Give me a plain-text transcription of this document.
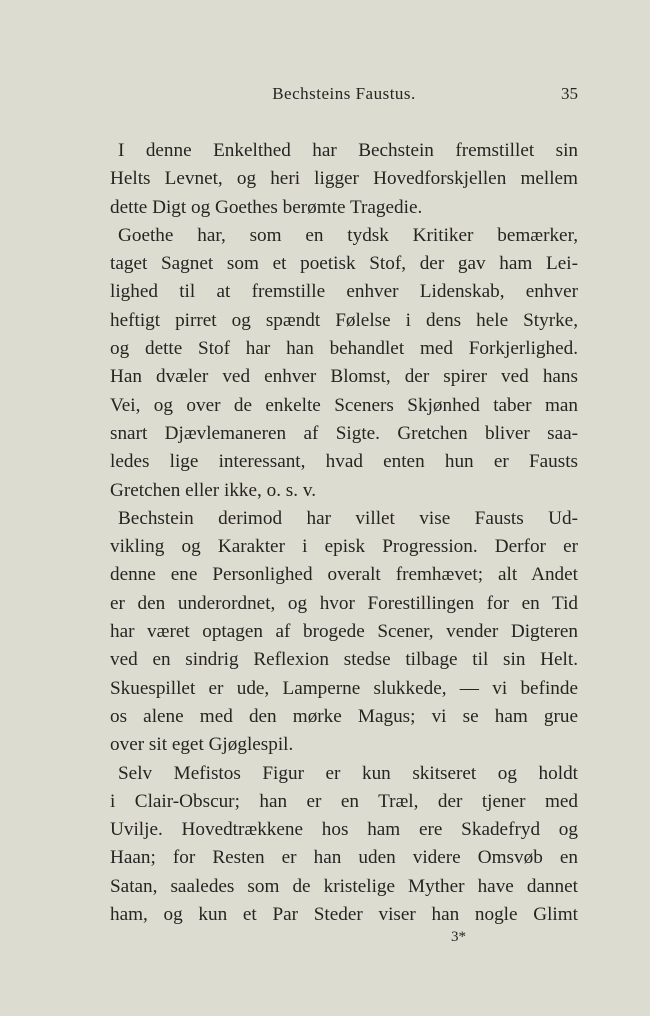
Bechsteins Faustus.	35
I denne Enkelthed har Bechstein fremstillet sin
Helts Levnet, og heri ligger Hovedforskjellen mellem
dette Digt og Goethes berømte Tragedie.
Goethe har, som en tydsk Kritiker bemærker,
taget Sagnet som et poetisk Stof, der gav ham Lei-
lighed til at fremstille enhver Lidenskab, enhver
heftigt pirret og spændt Følelse i dens hele Styrke,
og dette Stof har han behandlet med Forkjerlighed.
Han dvæler ved enhver Blomst, der spirer ved hans
Vei, og over de enkelte Sceners Skjønhed taber man
snart Djævlemaneren af Sigte. Gretchen bliver saa-
ledes lige interessant, hvad enten hun er Fausts
Gretchen eller ikke, o. s. v.
Bechstein derimod har villet vise Fausts Ud-
vikling og Karakter i episk Progression. Derfor er
denne ene Personlighed overalt fremhævet; alt Andet
er den underordnet, og hvor Forestillingen for en Tid
har været optagen af brogede Scener, vender Digteren
ved en sindrig Reflexion stedse tilbage til sin Helt.
Skuespillet er ude, Lamperne slukkede, — vi befinde
os alene med den mørke Magus; vi se ham grue
over sit eget Gjøglespil.
Selv Mefistos Figur er kun skitseret og holdt
i Clair-Obscur; han er en Træl, der tjener med
Uvilje. Hovedtrækkene hos ham ere Skadefryd og
Haan; for Resten er han uden videre Omsvøb en
Satan, saaledes som de kristelige Myther have dannet
ham, og kun et Par Steder viser han nogle Glimt
3*
